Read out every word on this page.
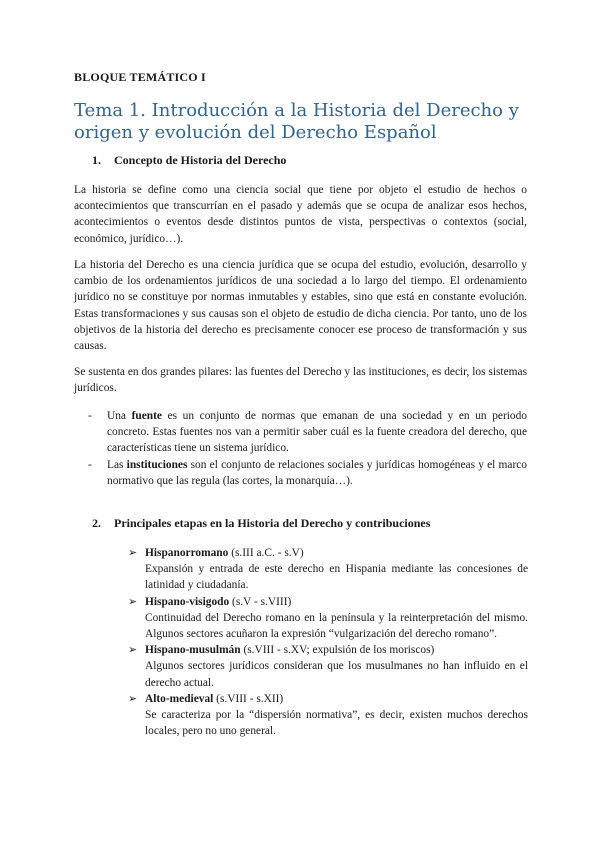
BLOQUE TEMÁTICO I
Tema 1. Introducción a la Historia del Derecho y origen y evolución del Derecho Español
1. Concepto de Historia del Derecho

La historia se define como una ciencia social que tiene por objeto el estudio de hechos o acontecimientos que transcurrían en el pasado y además que se ocupa de analizar esos hechos, acontecimientos o eventos desde distintos puntos de vista, perspectivas o contextos (social, económico, jurídico…).

La historia del Derecho es una ciencia jurídica que se ocupa del estudio, evolución, desarrollo y cambio de los ordenamientos jurídicos de una sociedad a lo largo del tiempo. El ordenamiento jurídico no se constituye por normas inmutables y estables, sino que está en constante evolución. Estas transformaciones y sus causas son el objeto de estudio de dicha ciencia. Por tanto, uno de los objetivos de la historia del derecho es precisamente conocer ese proceso de transformación y sus causas.

Se sustenta en dos grandes pilares: las fuentes del Derecho y las instituciones, es decir, los sistemas jurídicos.

- Una fuente es un conjunto de normas que emanan de una sociedad y en un periodo concreto. Estas fuentes nos van a permitir saber cuál es la fuente creadora del derecho, que características tiene un sistema jurídico.
- Las instituciones son el conjunto de relaciones sociales y jurídicas homogéneas y el marco normativo que las regula (las cortes, la monarquía…).
2. Principales etapas en la Historia del Derecho y contribuciones
➢ Hispanorromano (s.III a.C. - s.V)
Expansión y entrada de este derecho en Hispania mediante las concesiones de latinidad y ciudadanía.
➢ Hispano-visigodo (s.V - s.VIII)
Continuidad del Derecho romano en la península y la reinterpretación del mismo. Algunos sectores acuñaron la expresión “vulgarización del derecho romano”.
➢ Hispano-musulmán (s.VIII - s.XV; expulsión de los moriscos)
Algunos sectores jurídicos consideran que los musulmanes no han influido en el derecho actual.
➢ Alto-medieval (s.VIII - s.XII)
Se caracteriza por la “dispersión normativa”, es decir, existen muchos derechos locales, pero no uno general.
